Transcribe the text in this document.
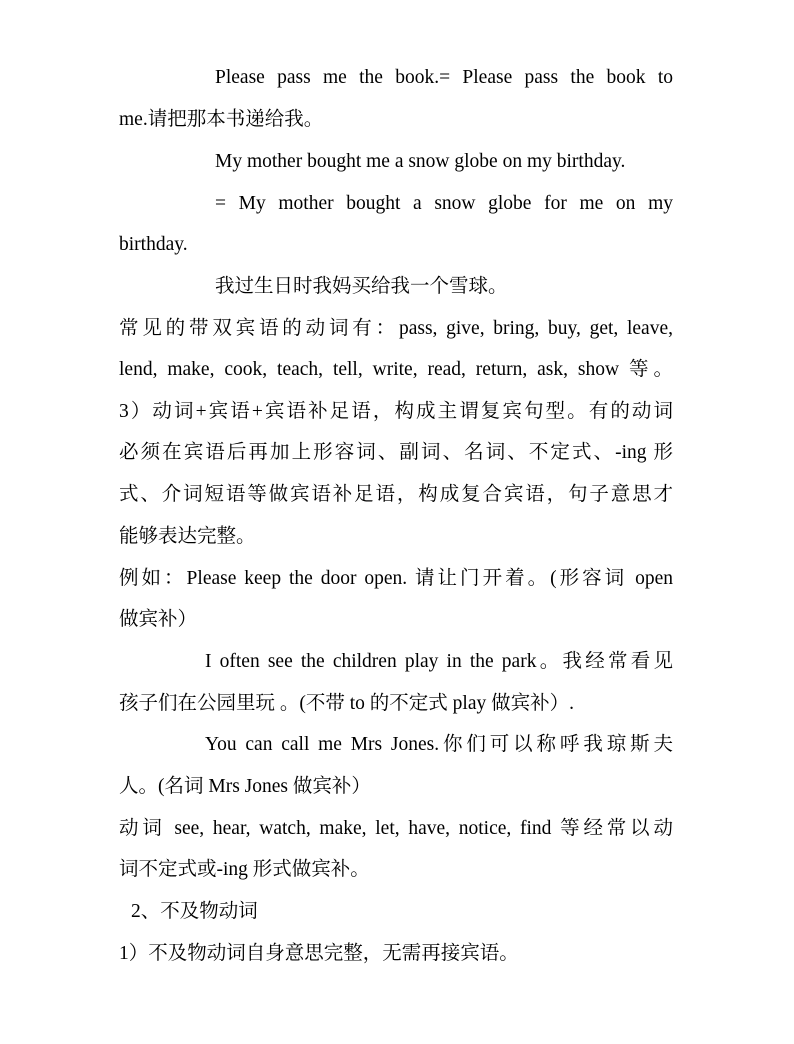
Please pass me the book.= Please pass the book to
me.请把那本书递给我。
My mother bought me a snow globe on my birthday.
= My mother bought a snow globe for me on my
birthday.
我过生日时我妈买给我一个雪球。
常见的带双宾语的动词有：pass, give, bring, buy, get, leave,
lend, make, cook, teach, tell, write, read, return, ask, show 等。
3）动词+宾语+宾语补足语，构成主谓复宾句型。有的动词
必须在宾语后再加上形容词、副词、名词、不定式、-ing 形
式、介词短语等做宾语补足语，构成复合宾语，句子意思才
能够表达完整。
例如：Please keep the door open. 请让门开着。(形容词 open
做宾补）
I often see the children play in the park。我经常看见
孩子们在公园里玩 。(不带 to 的不定式 play 做宾补）.
You can call me Mrs Jones.你们可以称呼我琼斯夫
人。(名词 Mrs Jones 做宾补）
动词 see, hear, watch, make, let, have, notice, find 等经常以动
词不定式或-ing 形式做宾补。
2、不及物动词
1）不及物动词自身意思完整，无需再接宾语。
